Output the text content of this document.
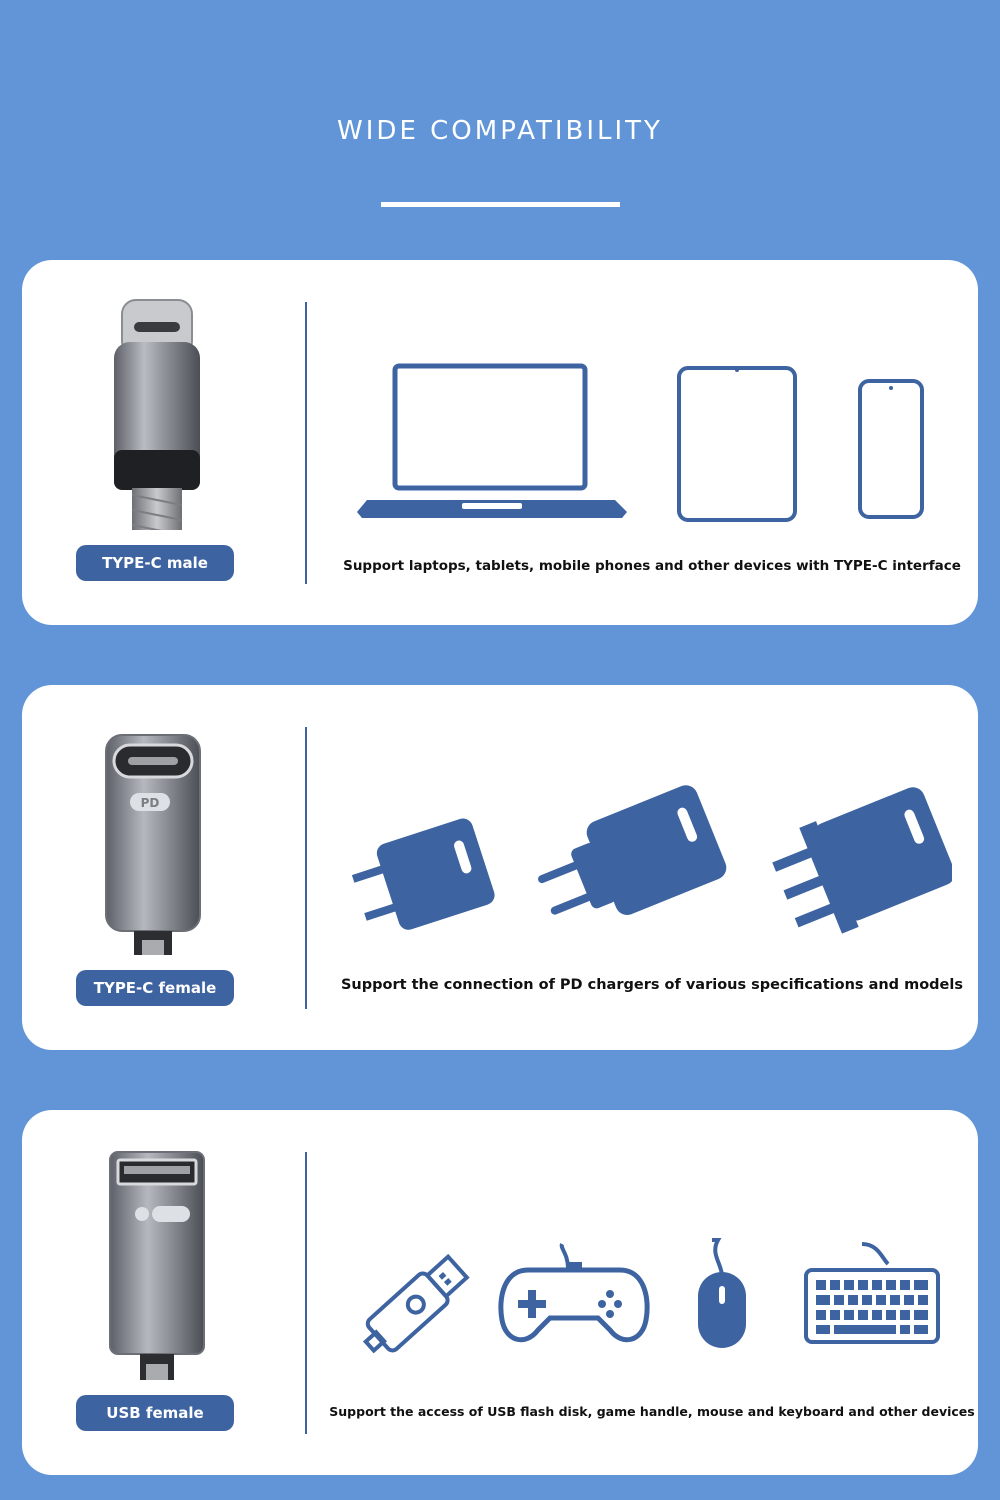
WIDE COMPATIBILITY
TYPE-C male	Support laptops, tablets, mobile phones and other devices with TYPE-C interface
PD
TYPE-C female	Support the connection of PD chargers of various specifications and models
USB female	Support the access of USB flash disk, game handle, mouse and keyboard and other devices
